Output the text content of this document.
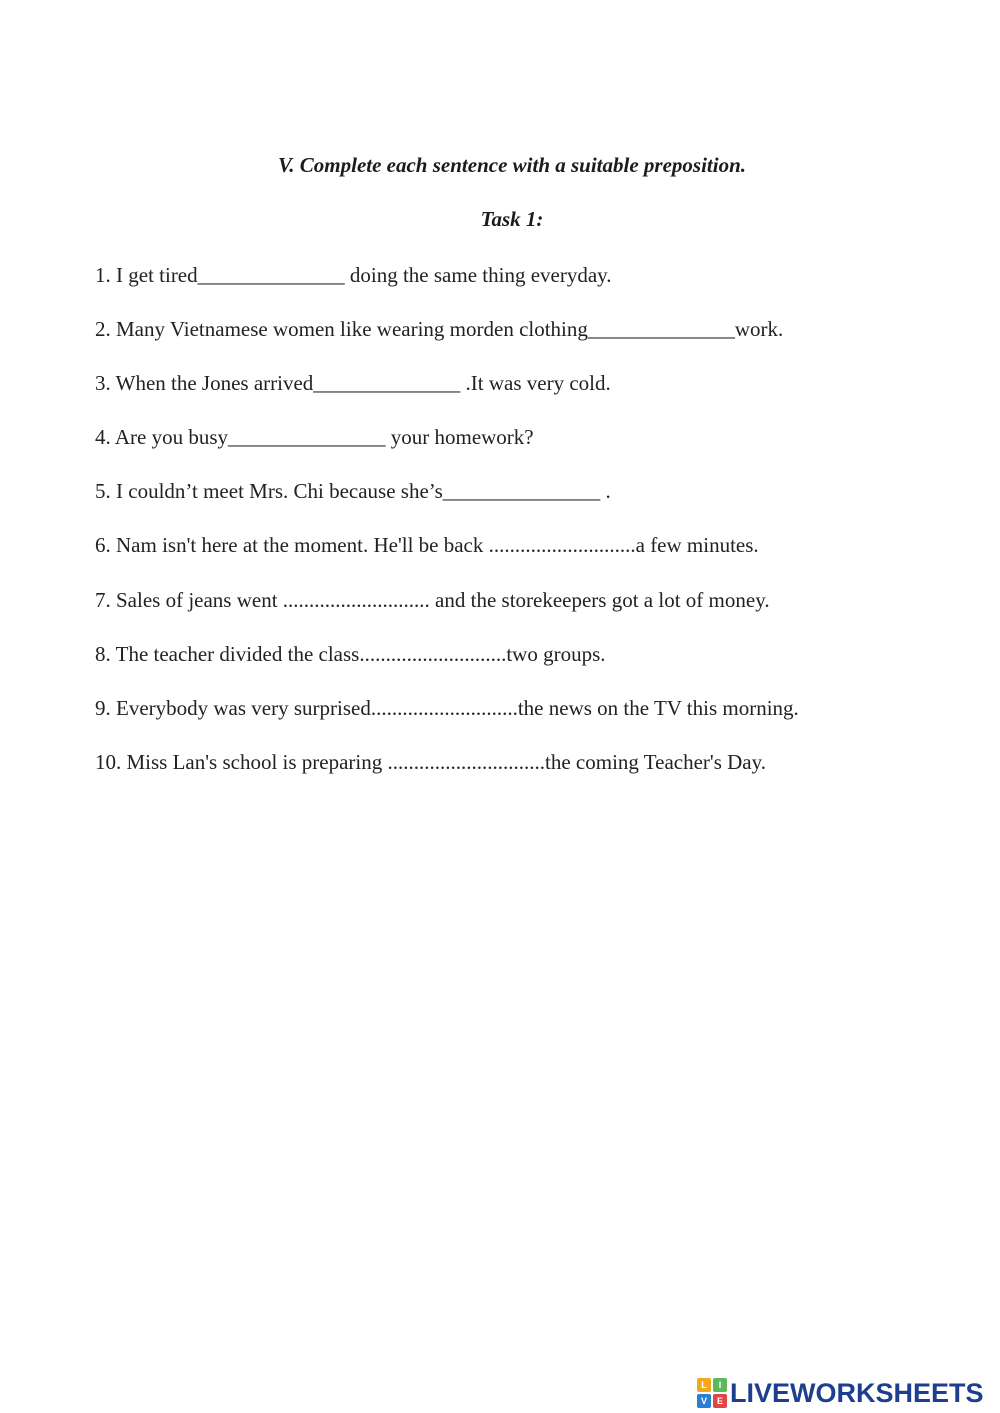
V. Complete each sentence with a suitable preposition.
Task 1:
1. I get tired______________ doing the same thing everyday.
2. Many Vietnamese women like wearing morden clothing______________work.
3. When the Jones arrived______________ .It was very cold.
4. Are you busy_______________ your homework?
5. I couldn’t meet Mrs. Chi because she’s_______________ .
6. Nam isn't here at the moment. He'll be back ............................a few minutes.
7. Sales of jeans went ............................ and the storekeepers got a lot of money.
8. The teacher divided the class............................two groups.
9. Everybody was very surprised............................the news on the TV this morning.
10. Miss Lan's school is preparing ..............................the coming Teacher's Day.
L	I
V	E LIVEWORKSHEETS
